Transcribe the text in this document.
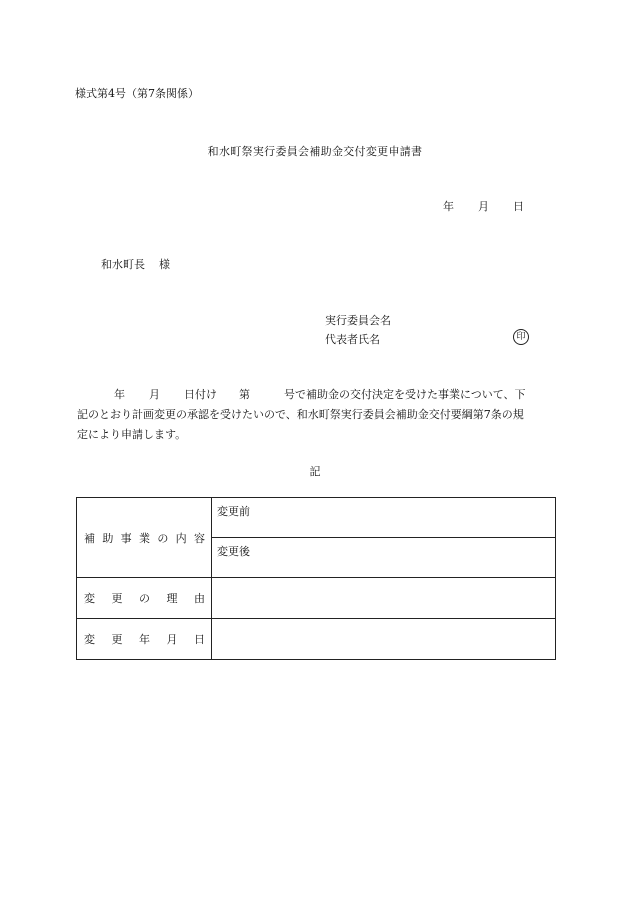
様式第4号（第7条関係）
和水町祭実行委員会補助金交付変更申請書
年 月 日
和水町長 様
実行委員会名
代表者氏名	印
年 月 日付け 第	号で補助金の交付決定を受けた事業について、下
記のとおり計画変更の承認を受けたいので、和水町祭実行委員会補助金交付要綱第7条の規
定により申請します。
記
補助事業の内容	変更前
	変更後
変更の理由	
変更年月日	
